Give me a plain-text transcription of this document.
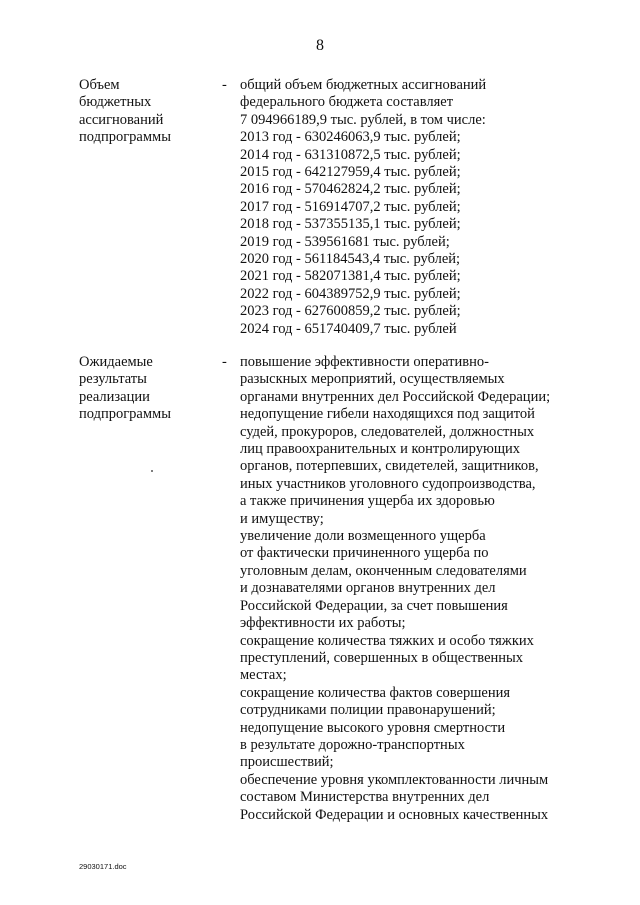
8
Объем
бюджетных
ассигнований
подпрограммы
- общий объем бюджетных ассигнований
федерального бюджета составляет
7 094966189,9 тыс. рублей, в том числе:
2013 год - 630246063,9 тыс. рублей;
2014 год - 631310872,5 тыс. рублей;
2015 год - 642127959,4 тыс. рублей;
2016 год - 570462824,2 тыс. рублей;
2017 год - 516914707,2 тыс. рублей;
2018 год - 537355135,1 тыс. рублей;
2019 год - 539561681 тыс. рублей;
2020 год - 561184543,4 тыс. рублей;
2021 год - 582071381,4 тыс. рублей;
2022 год - 604389752,9 тыс. рублей;
2023 год - 627600859,2 тыс. рублей;
2024 год - 651740409,7 тыс. рублей
Ожидаемые
результаты
реализации
подпрограммы
- повышение эффективности оперативно-
разыскных мероприятий, осуществляемых
органами внутренних дел Российской Федерации;
недопущение гибели находящихся под защитой
судей, прокуроров, следователей, должностных
лиц правоохранительных и контролирующих
органов, потерпевших, свидетелей, защитников,
иных участников уголовного судопроизводства,
а также причинения ущерба их здоровью
и имуществу;
увеличение доли возмещенного ущерба
от фактически причиненного ущерба по
уголовным делам, оконченным следователями
и дознавателями органов внутренних дел
Российской Федерации, за счет повышения
эффективности их работы;
сокращение количества тяжких и особо тяжких
преступлений, совершенных в общественных
местах;
сокращение количества фактов совершения
сотрудниками полиции правонарушений;
недопущение высокого уровня смертности
в результате дорожно-транспортных
происшествий;
обеспечение уровня укомплектованности личным
составом Министерства внутренних дел
Российской Федерации и основных качественных
29030171.doc
